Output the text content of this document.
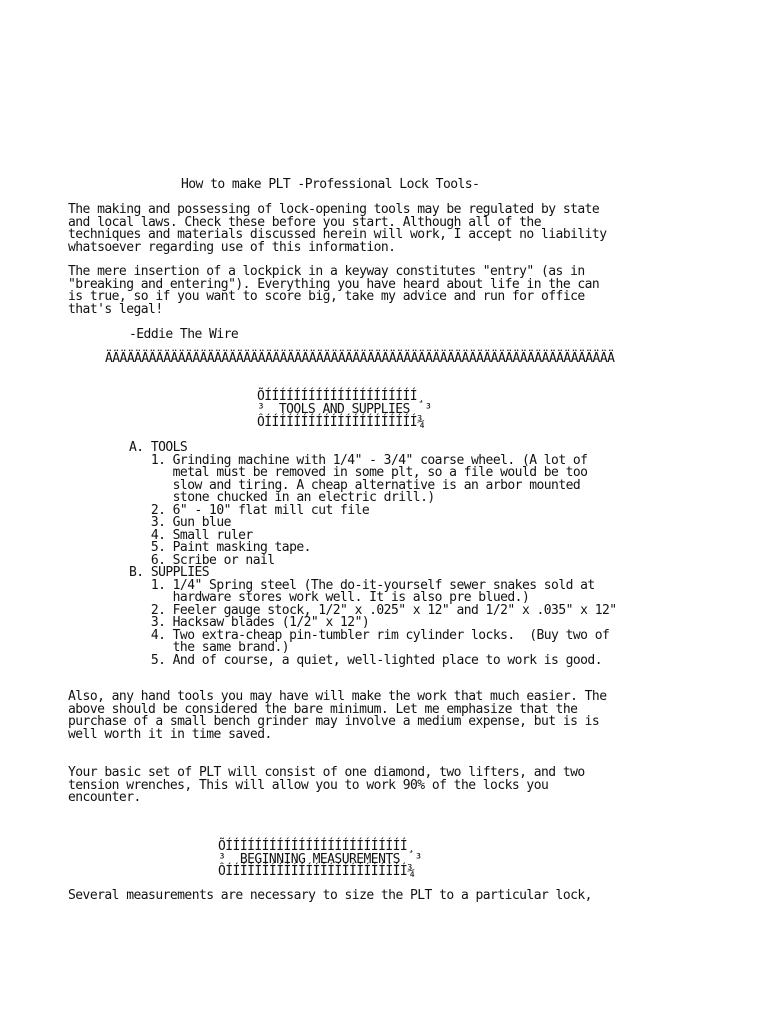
How to make PLT -Professional Lock Tools-

The making and possessing of lock-opening tools may be regulated by state

and local laws. Check these before you start. Although all of the

techniques and materials discussed herein will work, I accept no liability

whatsoever regarding use of this information.

The mere insertion of a lockpick in a keyway constitutes "entry" (as in

"breaking and entering"). Everything you have heard about life in the can

is true, so if you want to score big, take my advice and run for office

that's legal!

-Eddie The Wire

ÄÄÄÄÄÄÄÄÄÄÄÄÄÄÄÄÄÄÄÄÄÄÄÄÄÄÄÄÄÄÄÄÄÄÄÄÄÄÄÄÄÄÄÄÄÄÄÄÄÄÄÄÄÄÄÄÄÄÄÄÄÄÄÄÄÄÄÄÄÄ

ÕÍÍÍÍÍÍÍÍÍÍÍÍÍÍÍÍÍÍÍÍÍ¸

³  TOOLS AND SUPPLIES  ³

ÔÍÍÍÍÍÍÍÍÍÍÍÍÍÍÍÍÍÍÍÍÍ¾

A. TOOLS

1. Grinding machine with 1/4" - 3/4" coarse wheel. (A lot of

metal must be removed in some plt, so a file would be too

slow and tiring. A cheap alternative is an arbor mounted

stone chucked in an electric drill.)

2. 6" - 10" flat mill cut file

3. Gun blue

4. Small ruler

5. Paint masking tape.

6. Scribe or nail

B. SUPPLIES

1. 1/4" Spring steel (The do-it-yourself sewer snakes sold at

hardware stores work well. It is also pre blued.)

2. Feeler gauge stock, 1/2" x .025" x 12" and 1/2" x .035" x 12"

3. Hacksaw blades (1/2" x 12")

4. Two extra-cheap pin-tumbler rim cylinder locks.  (Buy two of

the same brand.)

5. And of course, a quiet, well-lighted place to work is good.

Also, any hand tools you may have will make the work that much easier. The

above should be considered the bare minimum. Let me emphasize that the

purchase of a small bench grinder may involve a medium expense, but is is

well worth it in time saved.

Your basic set of PLT will consist of one diamond, two lifters, and two

tension wrenches, This will allow you to work 90% of the locks you

encounter.

ÕÍÍÍÍÍÍÍÍÍÍÍÍÍÍÍÍÍÍÍÍÍÍÍÍÍ¸

³  BEGINNING MEASUREMENTS  ³

ÔÍÍÍÍÍÍÍÍÍÍÍÍÍÍÍÍÍÍÍÍÍÍÍÍÍ¾

Several measurements are necessary to size the PLT to a particular lock,
